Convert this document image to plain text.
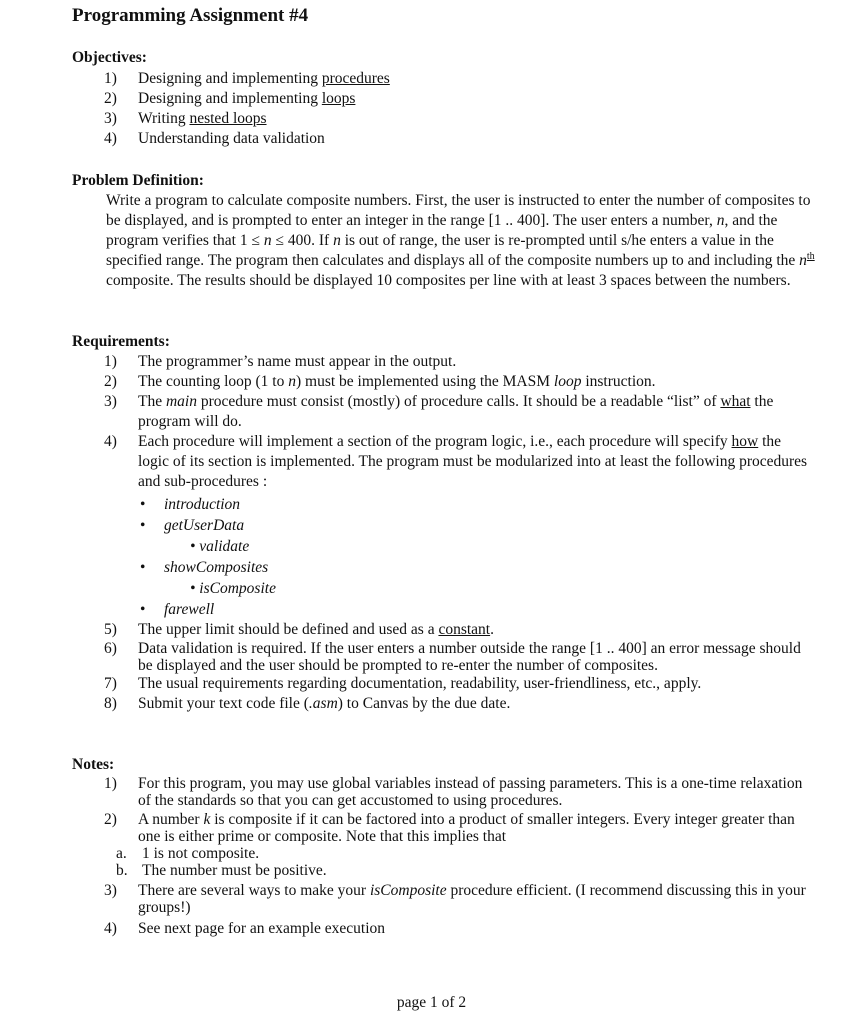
Programming Assignment #4
Objectives:
1) Designing and implementing procedures
2) Designing and implementing loops
3) Writing nested loops
4) Understanding data validation
Problem Definition:

Write a program to calculate composite numbers. First, the user is instructed to enter the number of composites to be displayed, and is prompted to enter an integer in the range [1 .. 400]. The user enters a number, n, and the program verifies that 1 ≤ n ≤ 400. If n is out of range, the user is re-prompted until s/he enters a value in the specified range. The program then calculates and displays all of the composite numbers up to and including the $n^{th}$ composite. The results should be displayed 10 composites per line with at least 3 spaces between the numbers.

Requirements:
1) The programmer’s name must appear in the output.
2) The counting loop (1 to n) must be implemented using the MASM loop instruction.
3) The main procedure must consist (mostly) of procedure calls. It should be a readable “list” of what the program will do.
4) Each procedure will implement a section of the program logic, i.e., each procedure will specify how the logic of its section is implemented. The program must be modularized into at least the following procedures and sub-procedures :
• introduction
• getUserData
• validate
• showComposites
• isComposite
• farewell
5) The upper limit should be defined and used as a constant.
6) Data validation is required. If the user enters a number outside the range [1 .. 400] an error message should be displayed and the user should be prompted to re-enter the number of composites.
7) The usual requirements regarding documentation, readability, user-friendliness, etc., apply.
8) Submit your text code file (.asm) to Canvas by the due date.
Notes:
1) For this program, you may use global variables instead of passing parameters. This is a one-time relaxation of the standards so that you can get accustomed to using procedures.
2) A number k is composite if it can be factored into a product of smaller integers. Every integer greater than one is either prime or composite. Note that this implies that
a. 1 is not composite.
b. The number must be positive.
3) There are several ways to make your isComposite procedure efficient. (I recommend discussing this in your groups!)
4) See next page for an example execution
page 1 of 2
